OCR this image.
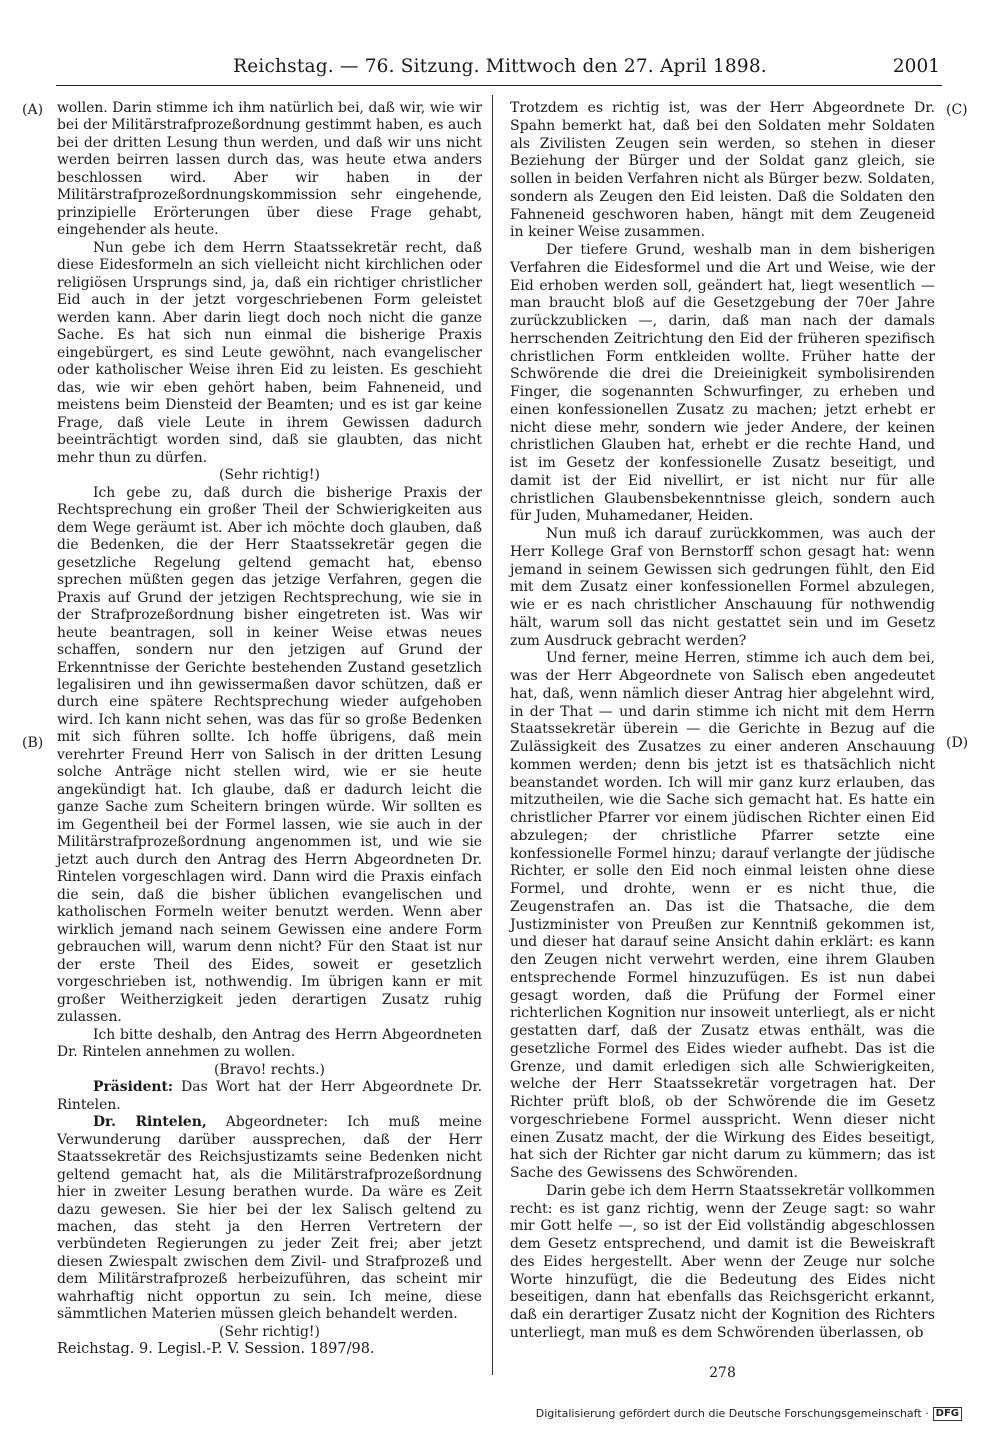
Reichstag. — 76. Sitzung. Mittwoch den 27. April 1898.	2001
(A)
(B)
(C)
(D)

wollen. Darin stimme ich ihm natürlich bei, daß wir, wie wir bei der Militärstrafprozeßordnung gestimmt haben, es auch bei der dritten Lesung thun werden, und daß wir uns nicht werden beirren lassen durch das, was heute etwa anders beschlossen wird. Aber wir haben in der Militärstrafprozeßordnungskommission sehr eingehende, prinzipielle Erörterungen über diese Frage gehabt, eingehender als heute.

Nun gebe ich dem Herrn Staatssekretär recht, daß diese Eidesformeln an sich vielleicht nicht kirchlichen oder religiösen Ursprungs sind, ja, daß ein richtiger christlicher Eid auch in der jetzt vorgeschriebenen Form geleistet werden kann. Aber darin liegt doch noch nicht die ganze Sache. Es hat sich nun einmal die bisherige Praxis eingebürgert, es sind Leute gewöhnt, nach evangelischer oder katholischer Weise ihren Eid zu leisten. Es geschieht das, wie wir eben gehört haben, beim Fahneneid, und meistens beim Diensteid der Beamten; und es ist gar keine Frage, daß viele Leute in ihrem Gewissen dadurch beeinträchtigt worden sind, daß sie glaubten, das nicht mehr thun zu dürfen.

(Sehr richtig!)

Ich gebe zu, daß durch die bisherige Praxis der Rechtsprechung ein großer Theil der Schwierigkeiten aus dem Wege geräumt ist. Aber ich möchte doch glauben, daß die Bedenken, die der Herr Staatssekretär gegen die gesetzliche Regelung geltend gemacht hat, ebenso sprechen müßten gegen das jetzige Verfahren, gegen die Praxis auf Grund der jetzigen Rechtsprechung, wie sie in der Strafprozeßordnung bisher eingetreten ist. Was wir heute beantragen, soll in keiner Weise etwas neues schaffen, sondern nur den jetzigen auf Grund der Erkenntnisse der Gerichte bestehenden Zustand gesetzlich legalisiren und ihn gewissermaßen davor schützen, daß er durch eine spätere Rechtsprechung wieder aufgehoben wird. Ich kann nicht sehen, was das für so große Bedenken mit sich führen sollte. Ich hoffe übrigens, daß mein verehrter Freund Herr von Salisch in der dritten Lesung solche Anträge nicht stellen wird, wie er sie heute angekündigt hat. Ich glaube, daß er dadurch leicht die ganze Sache zum Scheitern bringen würde. Wir sollten es im Gegentheil bei der Formel lassen, wie sie auch in der Militärstrafprozeßordnung angenommen ist, und wie sie jetzt auch durch den Antrag des Herrn Abgeordneten Dr. Rintelen vorgeschlagen wird. Dann wird die Praxis einfach die sein, daß die bisher üblichen evangelischen und katholischen Formeln weiter benutzt werden. Wenn aber wirklich jemand nach seinem Gewissen eine andere Form gebrauchen will, warum denn nicht? Für den Staat ist nur der erste Theil des Eides, soweit er gesetzlich vorgeschrieben ist, nothwendig. Im übrigen kann er mit großer Weitherzigkeit jeden derartigen Zusatz ruhig zulassen.

Ich bitte deshalb, den Antrag des Herrn Abgeordneten Dr. Rintelen annehmen zu wollen.

(Bravo! rechts.)

Präsident: Das Wort hat der Herr Abgeordnete Dr. Rintelen.

Dr. Rintelen, Abgeordneter: Ich muß meine Verwunderung darüber aussprechen, daß der Herr Staatssekretär des Reichsjustizamts seine Bedenken nicht geltend gemacht hat, als die Militärstrafprozeßordnung hier in zweiter Lesung berathen wurde. Da wäre es Zeit dazu gewesen. Sie hier bei der lex Salisch geltend zu machen, das steht ja den Herren Vertretern der verbündeten Regierungen zu jeder Zeit frei; aber jetzt diesen Zwiespalt zwischen dem Zivil- und Strafprozeß und dem Militärstrafprozeß herbeizuführen, das scheint mir wahrhaftig nicht opportun zu sein. Ich meine, diese sämmtlichen Materien müssen gleich behandelt werden.

(Sehr richtig!)

Reichstag. 9. Legisl.-P. V. Session. 1897/98.

Trotzdem es richtig ist, was der Herr Abgeordnete Dr. Spahn bemerkt hat, daß bei den Soldaten mehr Soldaten als Zivilisten Zeugen sein werden, so stehen in dieser Beziehung der Bürger und der Soldat ganz gleich, sie sollen in beiden Verfahren nicht als Bürger bezw. Soldaten, sondern als Zeugen den Eid leisten. Daß die Soldaten den Fahneneid geschworen haben, hängt mit dem Zeugeneid in keiner Weise zusammen.

Der tiefere Grund, weshalb man in dem bisherigen Verfahren die Eidesformel und die Art und Weise, wie der Eid erhoben werden soll, geändert hat, liegt wesentlich — man braucht bloß auf die Gesetzgebung der 70er Jahre zurückzublicken —, darin, daß man nach der damals herrschenden Zeitrichtung den Eid der früheren spezifisch christlichen Form entkleiden wollte. Früher hatte der Schwörende die drei die Dreieinigkeit symbolisirenden Finger, die sogenannten Schwurfinger, zu erheben und einen konfessionellen Zusatz zu machen; jetzt erhebt er nicht diese mehr, sondern wie jeder Andere, der keinen christlichen Glauben hat, erhebt er die rechte Hand, und ist im Gesetz der konfessionelle Zusatz beseitigt, und damit ist der Eid nivellirt, er ist nicht nur für alle christlichen Glaubensbekenntnisse gleich, sondern auch für Juden, Muhamedaner, Heiden.

Nun muß ich darauf zurückkommen, was auch der Herr Kollege Graf von Bernstorff schon gesagt hat: wenn jemand in seinem Gewissen sich gedrungen fühlt, den Eid mit dem Zusatz einer konfessionellen Formel abzulegen, wie er es nach christlicher Anschauung für nothwendig hält, warum soll das nicht gestattet sein und im Gesetz zum Ausdruck gebracht werden?

Und ferner, meine Herren, stimme ich auch dem bei, was der Herr Abgeordnete von Salisch eben angedeutet hat, daß, wenn nämlich dieser Antrag hier abgelehnt wird, in der That — und darin stimme ich nicht mit dem Herrn Staatssekretär überein — die Gerichte in Bezug auf die Zulässigkeit des Zusatzes zu einer anderen Anschauung kommen werden; denn bis jetzt ist es thatsächlich nicht beanstandet worden. Ich will mir ganz kurz erlauben, das mitzutheilen, wie die Sache sich gemacht hat. Es hatte ein christlicher Pfarrer vor einem jüdischen Richter einen Eid abzulegen; der christliche Pfarrer setzte eine konfessionelle Formel hinzu; darauf verlangte der jüdische Richter, er solle den Eid noch einmal leisten ohne diese Formel, und drohte, wenn er es nicht thue, die Zeugenstrafen an. Das ist die Thatsache, die dem Justizminister von Preußen zur Kenntniß gekommen ist, und dieser hat darauf seine Ansicht dahin erklärt: es kann den Zeugen nicht verwehrt werden, eine ihrem Glauben entsprechende Formel hinzuzufügen. Es ist nun dabei gesagt worden, daß die Prüfung der Formel einer richterlichen Kognition nur insoweit unterliegt, als er nicht gestatten darf, daß der Zusatz etwas enthält, was die gesetzliche Formel des Eides wieder aufhebt. Das ist die Grenze, und damit erledigen sich alle Schwierigkeiten, welche der Herr Staatssekretär vorgetragen hat. Der Richter prüft bloß, ob der Schwörende die im Gesetz vorgeschriebene Formel ausspricht. Wenn dieser nicht einen Zusatz macht, der die Wirkung des Eides beseitigt, hat sich der Richter gar nicht darum zu kümmern; das ist Sache des Gewissens des Schwörenden.

Darin gebe ich dem Herrn Staatssekretär vollkommen recht: es ist ganz richtig, wenn der Zeuge sagt: so wahr mir Gott helfe —, so ist der Eid vollständig abgeschlossen dem Gesetz entsprechend, und damit ist die Beweiskraft des Eides hergestellt. Aber wenn der Zeuge nur solche Worte hinzufügt, die die Bedeutung des Eides nicht beseitigen, dann hat ebenfalls das Reichsgericht erkannt, daß ein derartiger Zusatz nicht der Kognition des Richters unterliegt, man muß es dem Schwörenden überlassen, ob

278
Digitalisierung gefördert durch die Deutsche Forschungsgemeinschaft · DFG
